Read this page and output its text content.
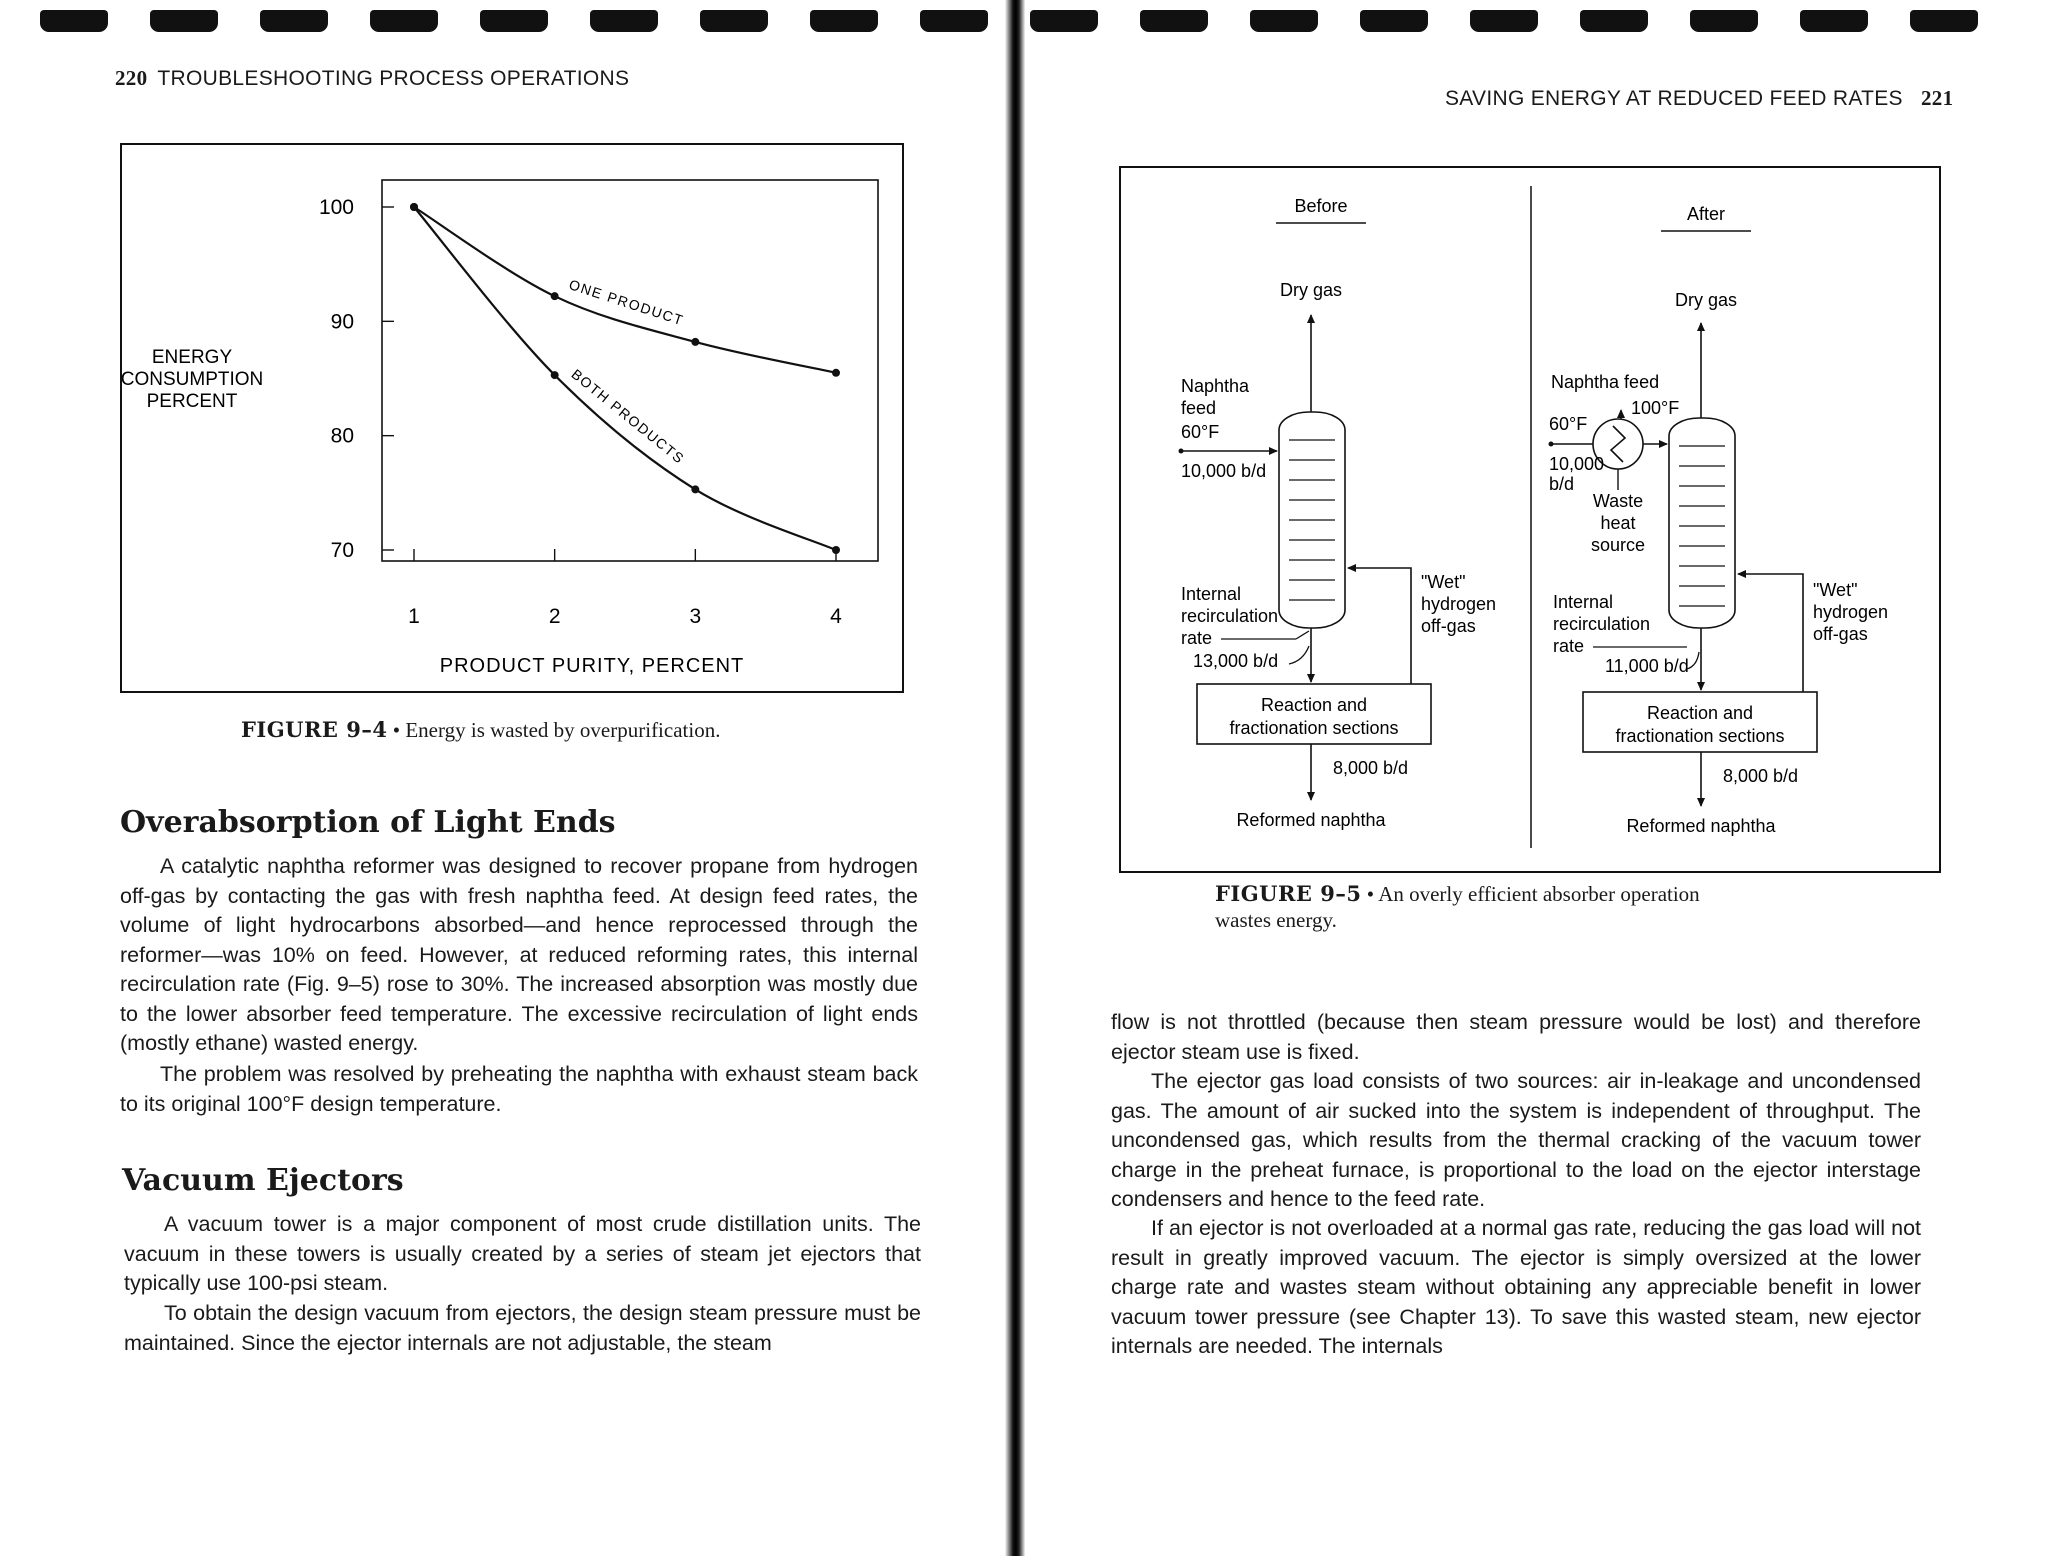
220 TROUBLESHOOTING PROCESS OPERATIONS
ENERGY
CONSUMPTION
PERCENT
PRODUCT PURITY, PERCENT
100
90
80
70
1	2	3	4
ONE PRODUCT
BOTH PRODUCTS
FIGURE 9–4 • Energy is wasted by overpurification.
Overabsorption of Light Ends

A catalytic naphtha reformer was designed to recover propane from hydrogen off-gas by contacting the gas with fresh naphtha feed. At design feed rates, the volume of light hydrocarbons absorbed—and hence reprocessed through the reformer—was 10% on feed. However, at reduced reforming rates, this internal recirculation rate (Fig. 9–5) rose to 30%. The increased absorption was mostly due to the lower absorber feed temperature. The excessive recirculation of light ends (mostly ethane) wasted energy.

The problem was resolved by preheating the naphtha with exhaust steam back to its original 100°F design temperature.

Vacuum Ejectors

A vacuum tower is a major component of most crude distillation units. The vacuum in these towers is usually created by a series of steam jet ejectors that typically use 100-psi steam.

To obtain the design vacuum from ejectors, the design steam pressure must be maintained. Since the ejector internals are not adjustable, the steam

SAVING ENERGY AT REDUCED FEED RATES 221
Before
Dry gas
Naphtha
feed
60°F
10,000 b/d
Internal
recirculation
rate
13,000 b/d
"Wet"
hydrogen
off-gas
Reaction and
fractionation sections
8,000 b/d
Reformed naphtha
After
Dry gas
Naphtha feed
100°F
60°F
10,000
b/d
Waste
heat
source
Internal
recirculation
rate
11,000 b/d
"Wet"
hydrogen
off-gas
Reaction and
fractionation sections
8,000 b/d
Reformed naphtha
FIGURE 9–5 • An overly efficient absorber operation
wastes energy.

flow is not throttled (because then steam pressure would be lost) and therefore ejector steam use is fixed.

The ejector gas load consists of two sources: air in-leakage and uncondensed gas. The amount of air sucked into the system is independent of throughput. The uncondensed gas, which results from the thermal cracking of the vacuum tower charge in the preheat furnace, is proportional to the load on the ejector interstage condensers and hence to the feed rate.

If an ejector is not overloaded at a normal gas rate, reducing the gas load will not result in greatly improved vacuum. The ejector is simply oversized at the lower charge rate and wastes steam without obtaining any appreciable benefit in lower vacuum tower pressure (see Chapter 13). To save this wasted steam, new ejector internals are needed. The internals
